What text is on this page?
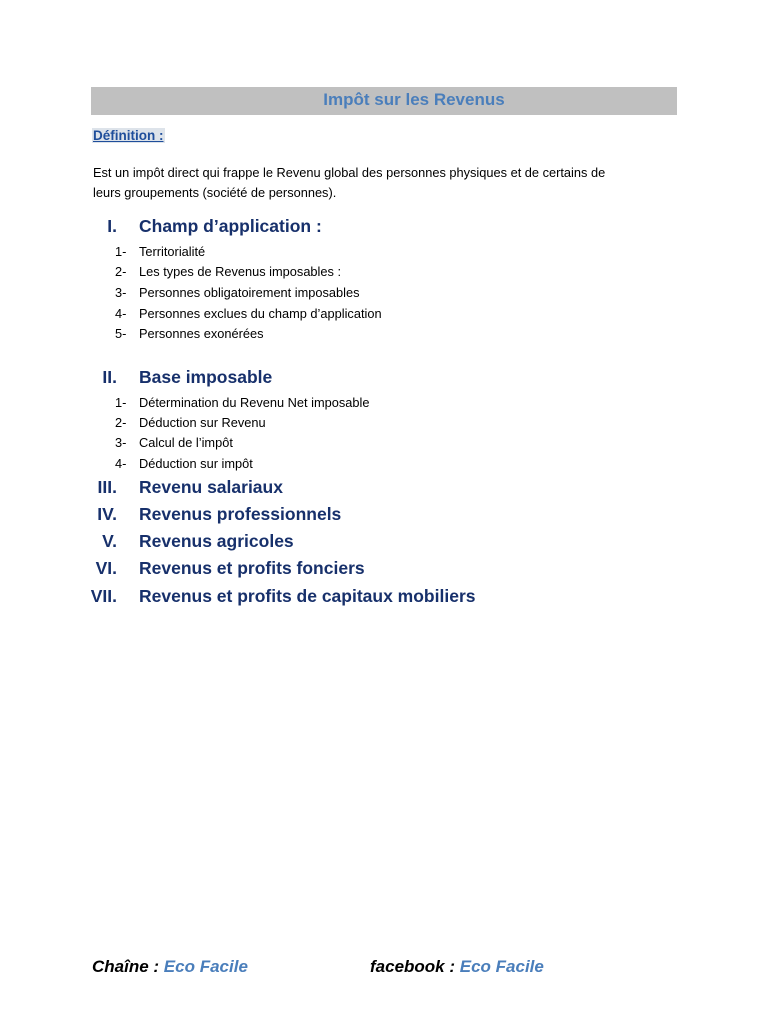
Impôt sur les Revenus
Définition :
Est un impôt direct qui frappe le Revenu global des personnes physiques et de certains de
leurs groupements (société de personnes).
I. Champ d’application :
1- Territorialité
2- Les types de Revenus imposables :
3- Personnes obligatoirement imposables
4- Personnes exclues du champ d’application
5- Personnes exonérées
II. Base imposable
1- Détermination du Revenu Net imposable
2- Déduction sur Revenu
3- Calcul de l’impôt
4- Déduction sur impôt
III. Revenu salariaux
IV. Revenus professionnels
V. Revenus agricoles
VI. Revenus et profits fonciers
VII. Revenus et profits de capitaux mobiliers
Chaîne : Eco Facile	facebook : Eco Facile
